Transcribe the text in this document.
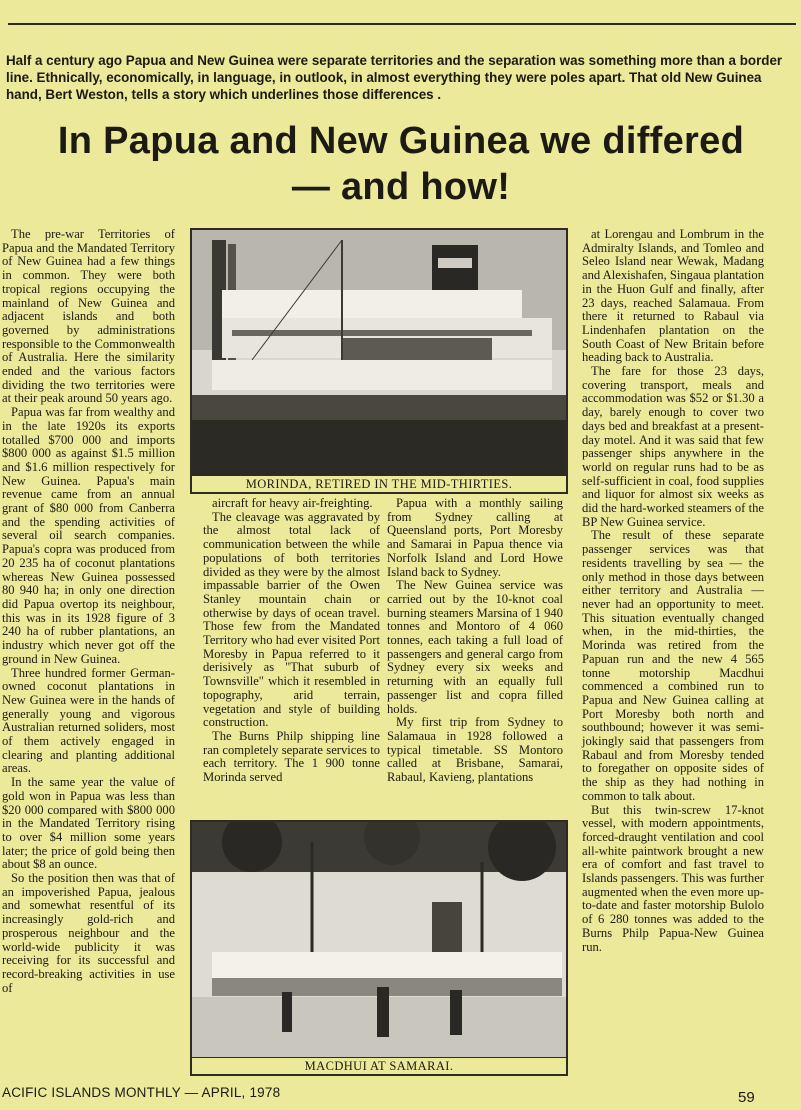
Half a century ago Papua and New Guinea were separate territories and the separation was something more than a border line. Ethnically, economically, in language, in outlook, in almost everything they were poles apart. That old New Guinea hand, Bert Weston, tells a story which underlines those differences .

In Papua and New Guinea we differed
— and how!

The pre-war Territories of Papua and the Mandated Territory of New Guinea had a few things in common. They were both tropical regions occupying the mainland of New Guinea and adjacent islands and both governed by administrations responsible to the Commonwealth of Australia. Here the similarity ended and the various factors dividing the two territories were at their peak around 50 years ago.

Papua was far from wealthy and in the late 1920s its exports totalled $700 000 and imports $800 000 as against $1.5 million and $1.6 million respectively for New Guinea. Papua's main revenue came from an annual grant of $80 000 from Canberra and the spending activities of several oil search companies. Papua's copra was produced from 20 235 ha of coconut plantations whereas New Guinea possessed 80 940 ha; in only one direction did Papua overtop its neighbour, this was in its 1928 figure of 3 240 ha of rubber plantations, an industry which never got off the ground in New Guinea.

Three hundred former German-owned coconut plantations in New Guinea were in the hands of generally young and vigorous Australian returned soliders, most of them actively engaged in clearing and planting additional areas.

In the same year the value of gold won in Papua was less than $20 000 compared with $800 000 in the Mandated Territory rising to over $4 million some years later; the price of gold being then about $8 an ounce.

So the position then was that of an impoverished Papua, jealous and somewhat resentful of its increasingly gold-rich and prosperous neighbour and the world-wide publicity it was receiving for its successful and record-breaking activities in use of

MORINDA, RETIRED IN THE MID-THIRTIES.

aircraft for heavy air-freighting.

The cleavage was aggravated by the almost total lack of communication between the while populations of both territories divided as they were by the almost impassable barrier of the Owen Stanley mountain chain or otherwise by days of ocean travel. Those few from the Mandated Territory who had ever visited Port Moresby in Papua referred to it derisively as "That suburb of Townsville" which it resembled in topography, arid terrain, vegetation and style of building construction.

The Burns Philp shipping line ran completely separate services to each territory. The 1 900 tonne Morinda served

Papua with a monthly sailing from Sydney calling at Queensland ports, Port Moresby and Samarai in Papua thence via Norfolk Island and Lord Howe Island back to Sydney.

The New Guinea service was carried out by the 10-knot coal burning steamers Marsina of 1 940 tonnes and Montoro of 4 060 tonnes, each taking a full load of passengers and general cargo from Sydney every six weeks and returning with an equally full passenger list and copra filled holds.

My first trip from Sydney to Salamaua in 1928 followed a typical timetable. SS Montoro called at Brisbane, Samarai, Rabaul, Kavieng, plantations

at Lorengau and Lombrum in the Admiralty Islands, and Tomleo and Seleo Island near Wewak, Madang and Alexishafen, Singaua plantation in the Huon Gulf and finally, after 23 days, reached Salamaua. From there it returned to Rabaul via Lindenhafen plantation on the South Coast of New Britain before heading back to Australia.

The fare for those 23 days, covering transport, meals and accommodation was $52 or $1.30 a day, barely enough to cover two days bed and breakfast at a present-day motel. And it was said that few passenger ships anywhere in the world on regular runs had to be as self-sufficient in coal, food supplies and liquor for almost six weeks as did the hard-worked steamers of the BP New Guinea service.

The result of these separate passenger services was that residents travelling by sea — the only method in those days between either territory and Australia — never had an opportunity to meet. This situation eventually changed when, in the mid-thirties, the Morinda was retired from the Papuan run and the new 4 565 tonne motorship Macdhui commenced a combined run to Papua and New Guinea calling at Port Moresby both north and southbound; however it was semi-jokingly said that passengers from Rabaul and from Moresby tended to foregather on opposite sides of the ship as they had nothing in common to talk about.

But this twin-screw 17-knot vessel, with modern appointments, forced-draught ventilation and cool all-white paintwork brought a new era of comfort and fast travel to Islands passengers. This was further augmented when the even more up-to-date and faster motorship Bulolo of 6 280 tonnes was added to the Burns Philp Papua-New Guinea run.

MACDHUI AT SAMARAI.
ACIFIC ISLANDS MONTHLY — APRIL, 1978	59
